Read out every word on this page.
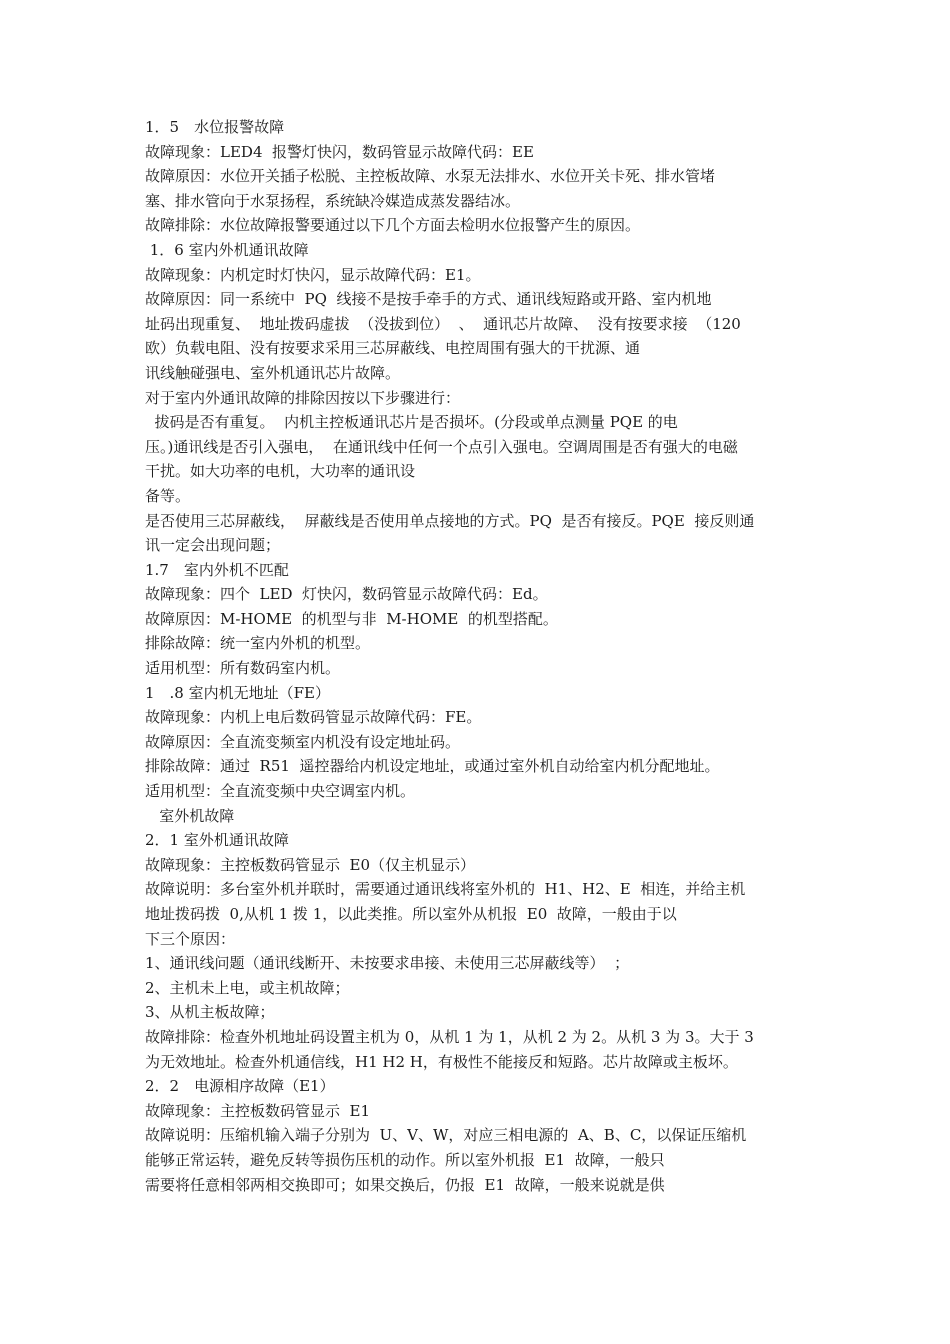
1．5　水位报警故障
故障现象：LED4  报警灯快闪，数码管显示故障代码：EE
故障原因：水位开关插子松脱、主控板故障、水泵无法排水、水位开关卡死、排水管堵
塞、排水管向于水泵扬程，系统缺冷媒造成蒸发器结冰。
故障排除：水位故障报警要通过以下几个方面去检明水位报警产生的原因。
1．6 室内外机通讯故障
故障现象：内机定时灯快闪，显示故障代码：E1。
故障原因：同一系统中  PQ  线接不是按手牵手的方式、通讯线短路或开路、室内机地
址码出现重复、  地址拨码虚拔  （没拔到位）  、  通讯芯片故障、  没有按要求接  （120
欧）负载电阻、没有按要求采用三芯屏蔽线、电控周围有强大的干扰源、通
讯线触碰强电、室外机通讯芯片故障。
对于室内外通讯故障的排除因按以下步骤进行：
拔码是否有重复。  内机主控板通讯芯片是否损坏。(分段或单点测量 PQE 的电
压。)通讯线是否引入强电，  在通讯线中任何一个点引入强电。空调周围是否有强大的电磁
干扰。如大功率的电机，大功率的通讯设
备等。
是否使用三芯屏蔽线，  屏蔽线是否使用单点接地的方式。PQ  是否有接反。PQE  接反则通
讯一定会出现问题；
1.7　室内外机不匹配
故障现象：四个  LED  灯快闪，数码管显示故障代码：Ed。
故障原因：M-HOME  的机型与非  M-HOME  的机型搭配。
排除故障：统一室内外机的机型。
适用机型：所有数码室内机。
1　.8 室内机无地址（FE）
故障现象：内机上电后数码管显示故障代码：FE。
故障原因：全直流变频室内机没有设定地址码。
排除故障：通过  R51  遥控器给内机设定地址，或通过室外机自动给室内机分配地址。
适用机型：全直流变频中央空调室内机。
室外机故障
2．1 室外机通讯故障
故障现象：主控板数码管显示  E0（仅主机显示）
故障说明：多台室外机并联时，需要通过通讯线将室外机的  H1、H2、E  相连，并给主机
地址拨码拨  0,从机 1 拨 1，以此类推。所以室外从机报  E0  故障，一般由于以
下三个原因：
1、通讯线问题（通讯线断开、未按要求串接、未使用三芯屏蔽线等）  ；
2、主机未上电，或主机故障；
3、从机主板故障；
故障排除：检查外机地址码设置主机为 0，从机 1 为 1，从机 2 为 2。从机 3 为 3。大于 3
为无效地址。检查外机通信线，H1 H2 H，有极性不能接反和短路。芯片故障或主板坏。
2．2　电源相序故障（E1）
故障现象：主控板数码管显示  E1
故障说明：压缩机输入端子分别为  U、V、W，对应三相电源的  A、B、C，以保证压缩机
能够正常运转，避免反转等损伤压机的动作。所以室外机报  E1  故障，一般只
需要将任意相邻两相交换即可；如果交换后，仍报  E1  故障，一般来说就是供
